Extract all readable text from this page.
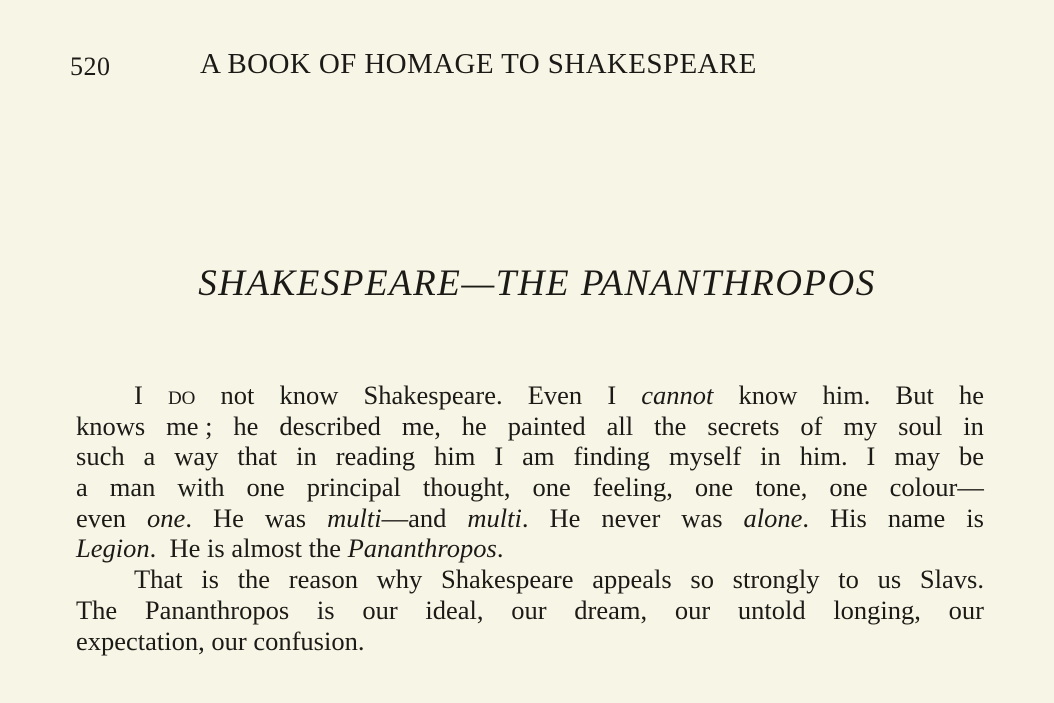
520	A BOOK OF HOMAGE TO SHAKESPEARE
SHAKESPEARE—THE PANANTHROPOS
I DO not know Shakespeare. Even I cannot know him. But he
knows me ; he described me, he painted all the secrets of my soul in
such a way that in reading him I am finding myself in him. I may be
a man with one principal thought, one feeling, one tone, one colour—
even one. He was multi—and multi. He never was alone. His name is
Legion. He is almost the Pananthropos.
That is the reason why Shakespeare appeals so strongly to us Slavs.
The Pananthropos is our ideal, our dream, our untold longing, our
expectation, our confusion.
